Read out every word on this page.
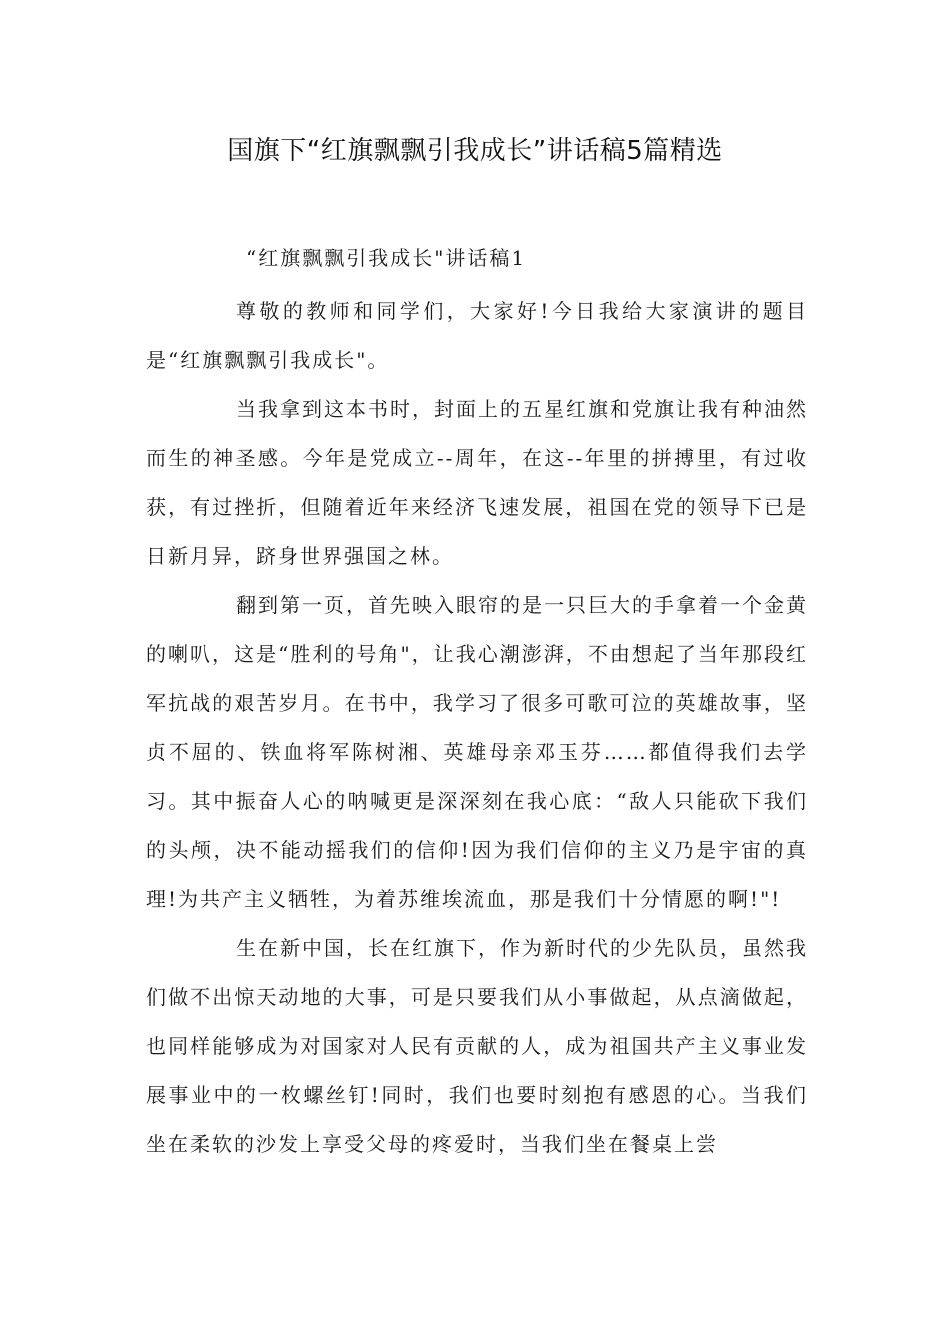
国旗下“红旗飘飘引我成长”讲话稿5篇精选

“红旗飘飘引我成长"讲话稿1

尊敬的教师和同学们，大家好!今日我给大家演讲的题目是“红旗飘飘引我成长"。

当我拿到这本书时，封面上的五星红旗和党旗让我有种油然而生的神圣感。今年是党成立--周年，在这--年里的拼搏里，有过收获，有过挫折，但随着近年来经济飞速发展，祖国在党的领导下已是日新月异，跻身世界强国之林。

翻到第一页，首先映入眼帘的是一只巨大的手拿着一个金黄的喇叭，这是“胜利的号角"，让我心潮澎湃，不由想起了当年那段红军抗战的艰苦岁月。在书中，我学习了很多可歌可泣的英雄故事，坚贞不屈的、铁血将军陈树湘、英雄母亲邓玉芬……都值得我们去学习。其中振奋人心的呐喊更是深深刻在我心底：“敌人只能砍下我们的头颅，决不能动摇我们的信仰!因为我们信仰的主义乃是宇宙的真理!为共产主义牺牲，为着苏维埃流血，那是我们十分情愿的啊!"!

生在新中国，长在红旗下，作为新时代的少先队员，虽然我们做不出惊天动地的大事，可是只要我们从小事做起，从点滴做起，也同样能够成为对国家对人民有贡献的人，成为祖国共产主义事业发展事业中的一枚螺丝钉!同时，我们也要时刻抱有感恩的心。当我们坐在柔软的沙发上享受父母的疼爱时，当我们坐在餐桌上尝
